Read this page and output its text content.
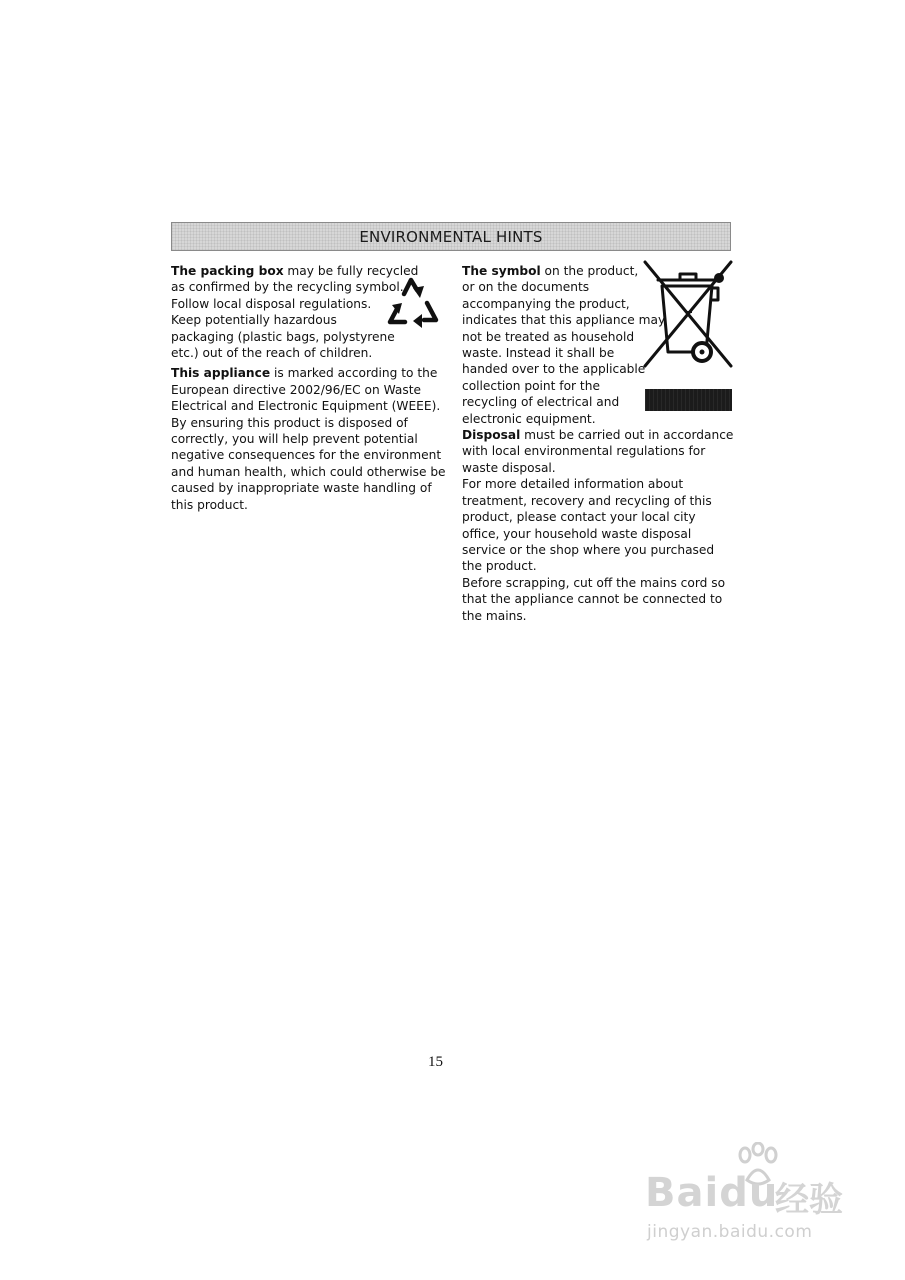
ENVIRONMENTAL HINTS

The packing box may be fully recycled
as confirmed by the recycling symbol.
Follow local disposal regulations.
Keep potentially hazardous
packaging (plastic bags, polystyrene
etc.) out of the reach of children.

This appliance is marked according to the European directive 2002/96/EC on Waste Electrical and Electronic Equipment (WEEE). By ensuring this product is disposed of correctly, you will help prevent potential negative consequences for the environment and human health, which could otherwise be caused by inappropriate waste handling of this product.

The symbol on the product,
or on the documents
accompanying the product,
indicates that this appliance may
not be treated as household
waste. Instead it shall be
handed over to the applicable
collection point for the
recycling of electrical and
electronic equipment.

Disposal must be carried out in accordance with local environmental regulations for waste disposal.

For more detailed information about treatment, recovery and recycling of this product, please contact your local city office, your household waste disposal service or the shop where you purchased the product.

Before scrapping, cut off the mains cord so that the appliance cannot be connected to the mains.

15
Baidu
经验
jingyan.baidu.com
